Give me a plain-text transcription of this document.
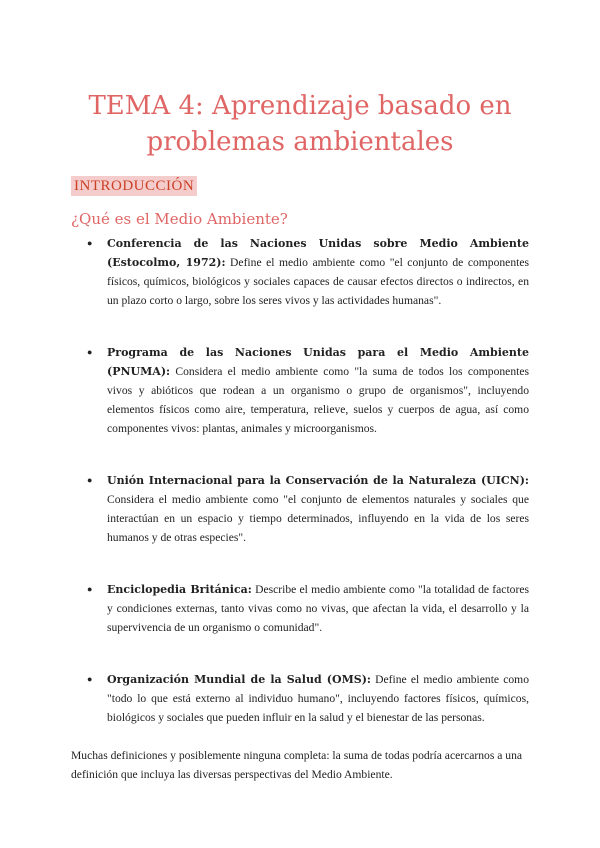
TEMA 4: Aprendizaje basado en problemas ambientales
INTRODUCCIÓN
¿Qué es el Medio Ambiente?
● Conferencia de las Naciones Unidas sobre Medio Ambiente (Estocolmo, 1972): Define el medio ambiente como "el conjunto de componentes físicos, químicos, biológicos y sociales capaces de causar efectos directos o indirectos, en un plazo corto o largo, sobre los seres vivos y las actividades humanas".
● Programa de las Naciones Unidas para el Medio Ambiente (PNUMA): Considera el medio ambiente como "la suma de todos los componentes vivos y abióticos que rodean a un organismo o grupo de organismos", incluyendo elementos físicos como aire, temperatura, relieve, suelos y cuerpos de agua, así como componentes vivos: plantas, animales y microorganismos.
● Unión Internacional para la Conservación de la Naturaleza (UICN): Considera el medio ambiente como "el conjunto de elementos naturales y sociales que interactúan en un espacio y tiempo determinados, influyendo en la vida de los seres humanos y de otras especies".
● Enciclopedia Británica: Describe el medio ambiente como "la totalidad de factores y condiciones externas, tanto vivas como no vivas, que afectan la vida, el desarrollo y la supervivencia de un organismo o comunidad".
● Organización Mundial de la Salud (OMS): Define el medio ambiente como "todo lo que está externo al individuo humano", incluyendo factores físicos, químicos, biológicos y sociales que pueden influir en la salud y el bienestar de las personas.

Muchas definiciones y posiblemente ninguna completa: la suma de todas podría acercarnos a una definición que incluya las diversas perspectivas del Medio Ambiente.
